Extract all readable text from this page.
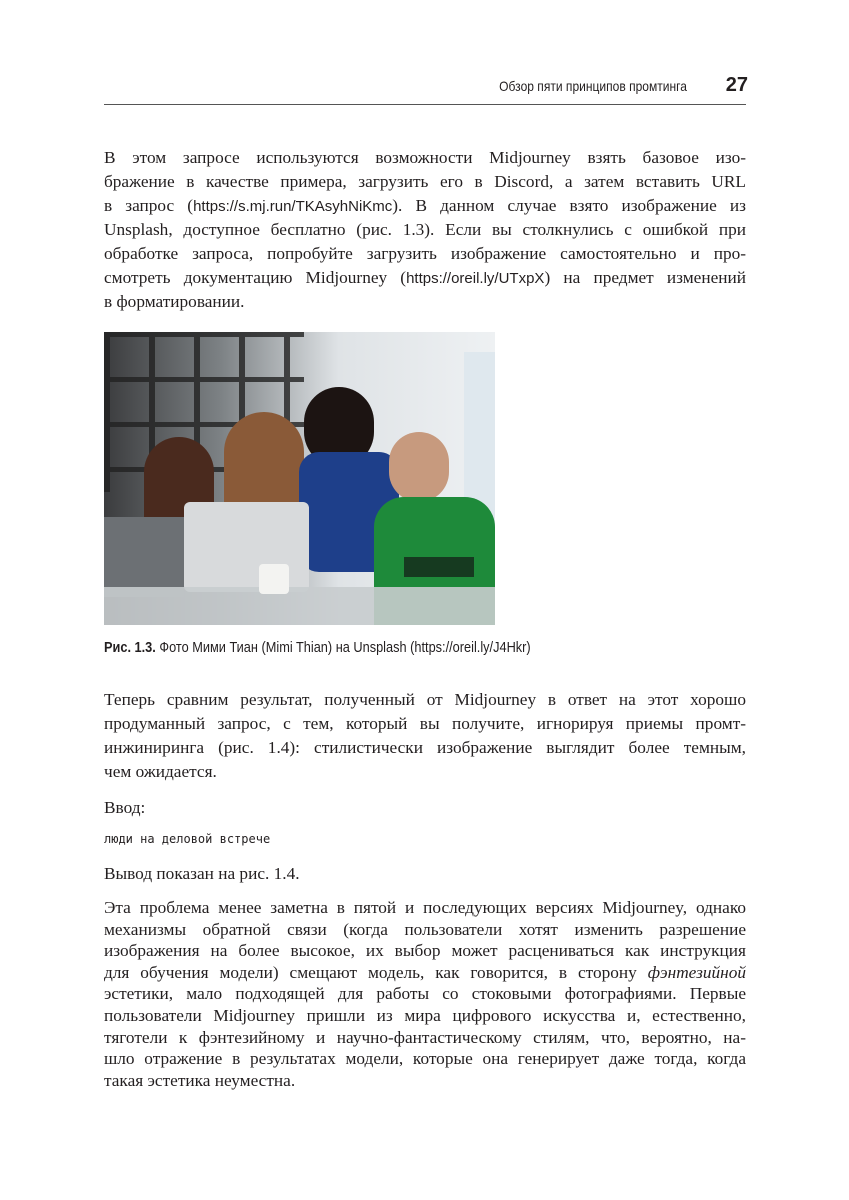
Обзор пяти принципов промтинга 27
В этом запросе используются возможности Midjourney взять базовое изо-
бражение в качестве примера, загрузить его в Discord, а затем вставить URL
в запрос (https://s.mj.run/TKAsyhNiKmc). В данном случае взято изображение из
Unsplash, доступное бесплатно (рис. 1.3). Если вы столкнулись с ошибкой при
обработке запроса, попробуйте загрузить изображение самостоятельно и про-
смотреть документацию Midjourney (https://oreil.ly/UTxpX) на предмет изменений
в форматировании.
Рис. 1.3. Фото Мими Тиан (Mimi Thian) на Unsplash (https://oreil.ly/J4Hkr)
Теперь сравним результат, полученный от Midjourney в ответ на этот хорошо
продуманный запрос, с тем, который вы получите, игнорируя приемы промт-
инжиниринга (рис. 1.4): стилистически изображение выглядит более темным,
чем ожидается.
Ввод:
люди на деловой встрече
Вывод показан на рис. 1.4.
Эта проблема менее заметна в пятой и последующих версиях Midjourney, однако
механизмы обратной связи (когда пользователи хотят изменить разрешение
изображения на более высокое, их выбор может расцениваться как инструкция
для обучения модели) смещают модель, как говорится, в сторону фэнтезийной
эстетики, мало подходящей для работы со стоковыми фотографиями. Первые
пользователи Midjourney пришли из мира цифрового искусства и, естественно,
тяготели к фэнтезийному и научно-фантастическому стилям, что, вероятно, на-
шло отражение в результатах модели, которые она генерирует даже тогда, когда
такая эстетика неуместна.
